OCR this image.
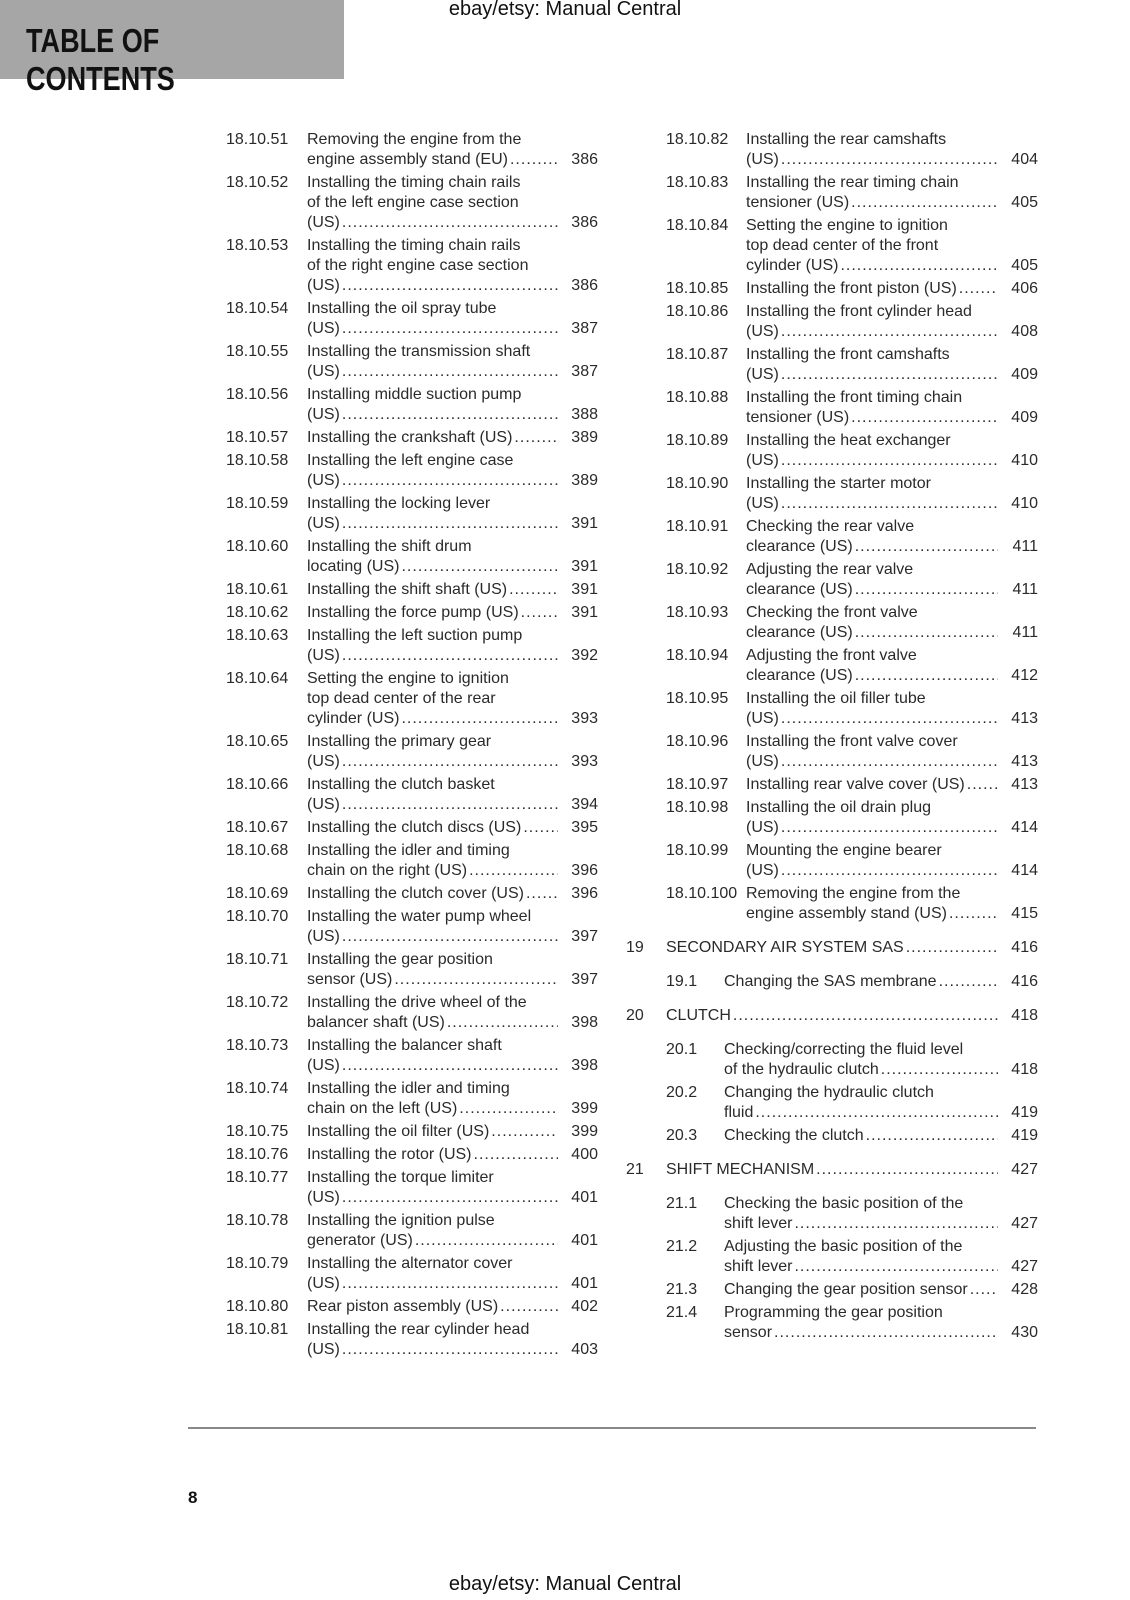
TABLE OF CONTENTS
ebay/etsy: Manual Central
18.10.51 Removing the engine from the
engine assembly stand (EU) .....	386
18.10.52 Installing the timing chain rails
of the left engine case section
(US) .....	386
18.10.53 Installing the timing chain rails
of the right engine case section
(US) .....	386
18.10.54 Installing the oil spray tube
(US) .....	387
18.10.55 Installing the transmission shaft
(US) .....	387
18.10.56 Installing middle suction pump
(US) .....	388
18.10.57 Installing the crankshaft (US) .....	389
18.10.58 Installing the left engine case
(US) .....	389
18.10.59 Installing the locking lever
(US) .....	391
18.10.60 Installing the shift drum
locating (US) .....	391
18.10.61 Installing the shift shaft (US) .....	391
18.10.62 Installing the force pump (US) .....	391
18.10.63 Installing the left suction pump
(US) .....	392
18.10.64 Setting the engine to ignition
top dead center of the rear
cylinder (US) .....	393
18.10.65 Installing the primary gear
(US) .....	393
18.10.66 Installing the clutch basket
(US) .....	394
18.10.67 Installing the clutch discs (US) .....	395
18.10.68 Installing the idler and timing
chain on the right (US) .....	396
18.10.69 Installing the clutch cover (US) .....	396
18.10.70 Installing the water pump wheel
(US) .....	397
18.10.71 Installing the gear position
sensor (US) .....	397
18.10.72 Installing the drive wheel of the
balancer shaft (US) .....	398
18.10.73 Installing the balancer shaft
(US) .....	398
18.10.74 Installing the idler and timing
chain on the left (US) .....	399
18.10.75 Installing the oil filter (US) .....	399
18.10.76 Installing the rotor (US) .....	400
18.10.77 Installing the torque limiter
(US) .....	401
18.10.78 Installing the ignition pulse
generator (US) .....	401
18.10.79 Installing the alternator cover
(US) .....	401
18.10.80 Rear piston assembly (US) .....	402
18.10.81 Installing the rear cylinder head
(US) .....	403
18.10.82 Installing the rear camshafts
(US) .....	404
18.10.83 Installing the rear timing chain
tensioner (US) .....	405
18.10.84 Setting the engine to ignition
top dead center of the front
cylinder (US) .....	405
18.10.85 Installing the front piston (US) .....	406
18.10.86 Installing the front cylinder head
(US) .....	408
18.10.87 Installing the front camshafts
(US) .....	409
18.10.88 Installing the front timing chain
tensioner (US) .....	409
18.10.89 Installing the heat exchanger
(US) .....	410
18.10.90 Installing the starter motor
(US) .....	410
18.10.91 Checking the rear valve
clearance (US) .....	411
18.10.92 Adjusting the rear valve
clearance (US) .....	411
18.10.93 Checking the front valve
clearance (US) .....	411
18.10.94 Adjusting the front valve
clearance (US) .....	412
18.10.95 Installing the oil filler tube
(US) .....	413
18.10.96 Installing the front valve cover
(US) .....	413
18.10.97 Installing rear valve cover (US) .....	413
18.10.98 Installing the oil drain plug
(US) .....	414
18.10.99 Mounting the engine bearer
(US) .....	414
18.10.100 Removing the engine from the
engine assembly stand (US) .....	415
19 SECONDARY AIR SYSTEM SAS .....	416
19.1 Changing the SAS membrane .....	416
20 CLUTCH .....	418
20.1 Checking/correcting the fluid level
of the hydraulic clutch .....	418
20.2 Changing the hydraulic clutch
fluid .....	419
20.3 Checking the clutch .....	419
21 SHIFT MECHANISM .....	427
21.1 Checking the basic position of the
shift lever .....	427
21.2 Adjusting the basic position of the
shift lever .....	427
21.3 Changing the gear position sensor .....	428
21.4 Programming the gear position
sensor .....	430
8
ebay/etsy: Manual Central
